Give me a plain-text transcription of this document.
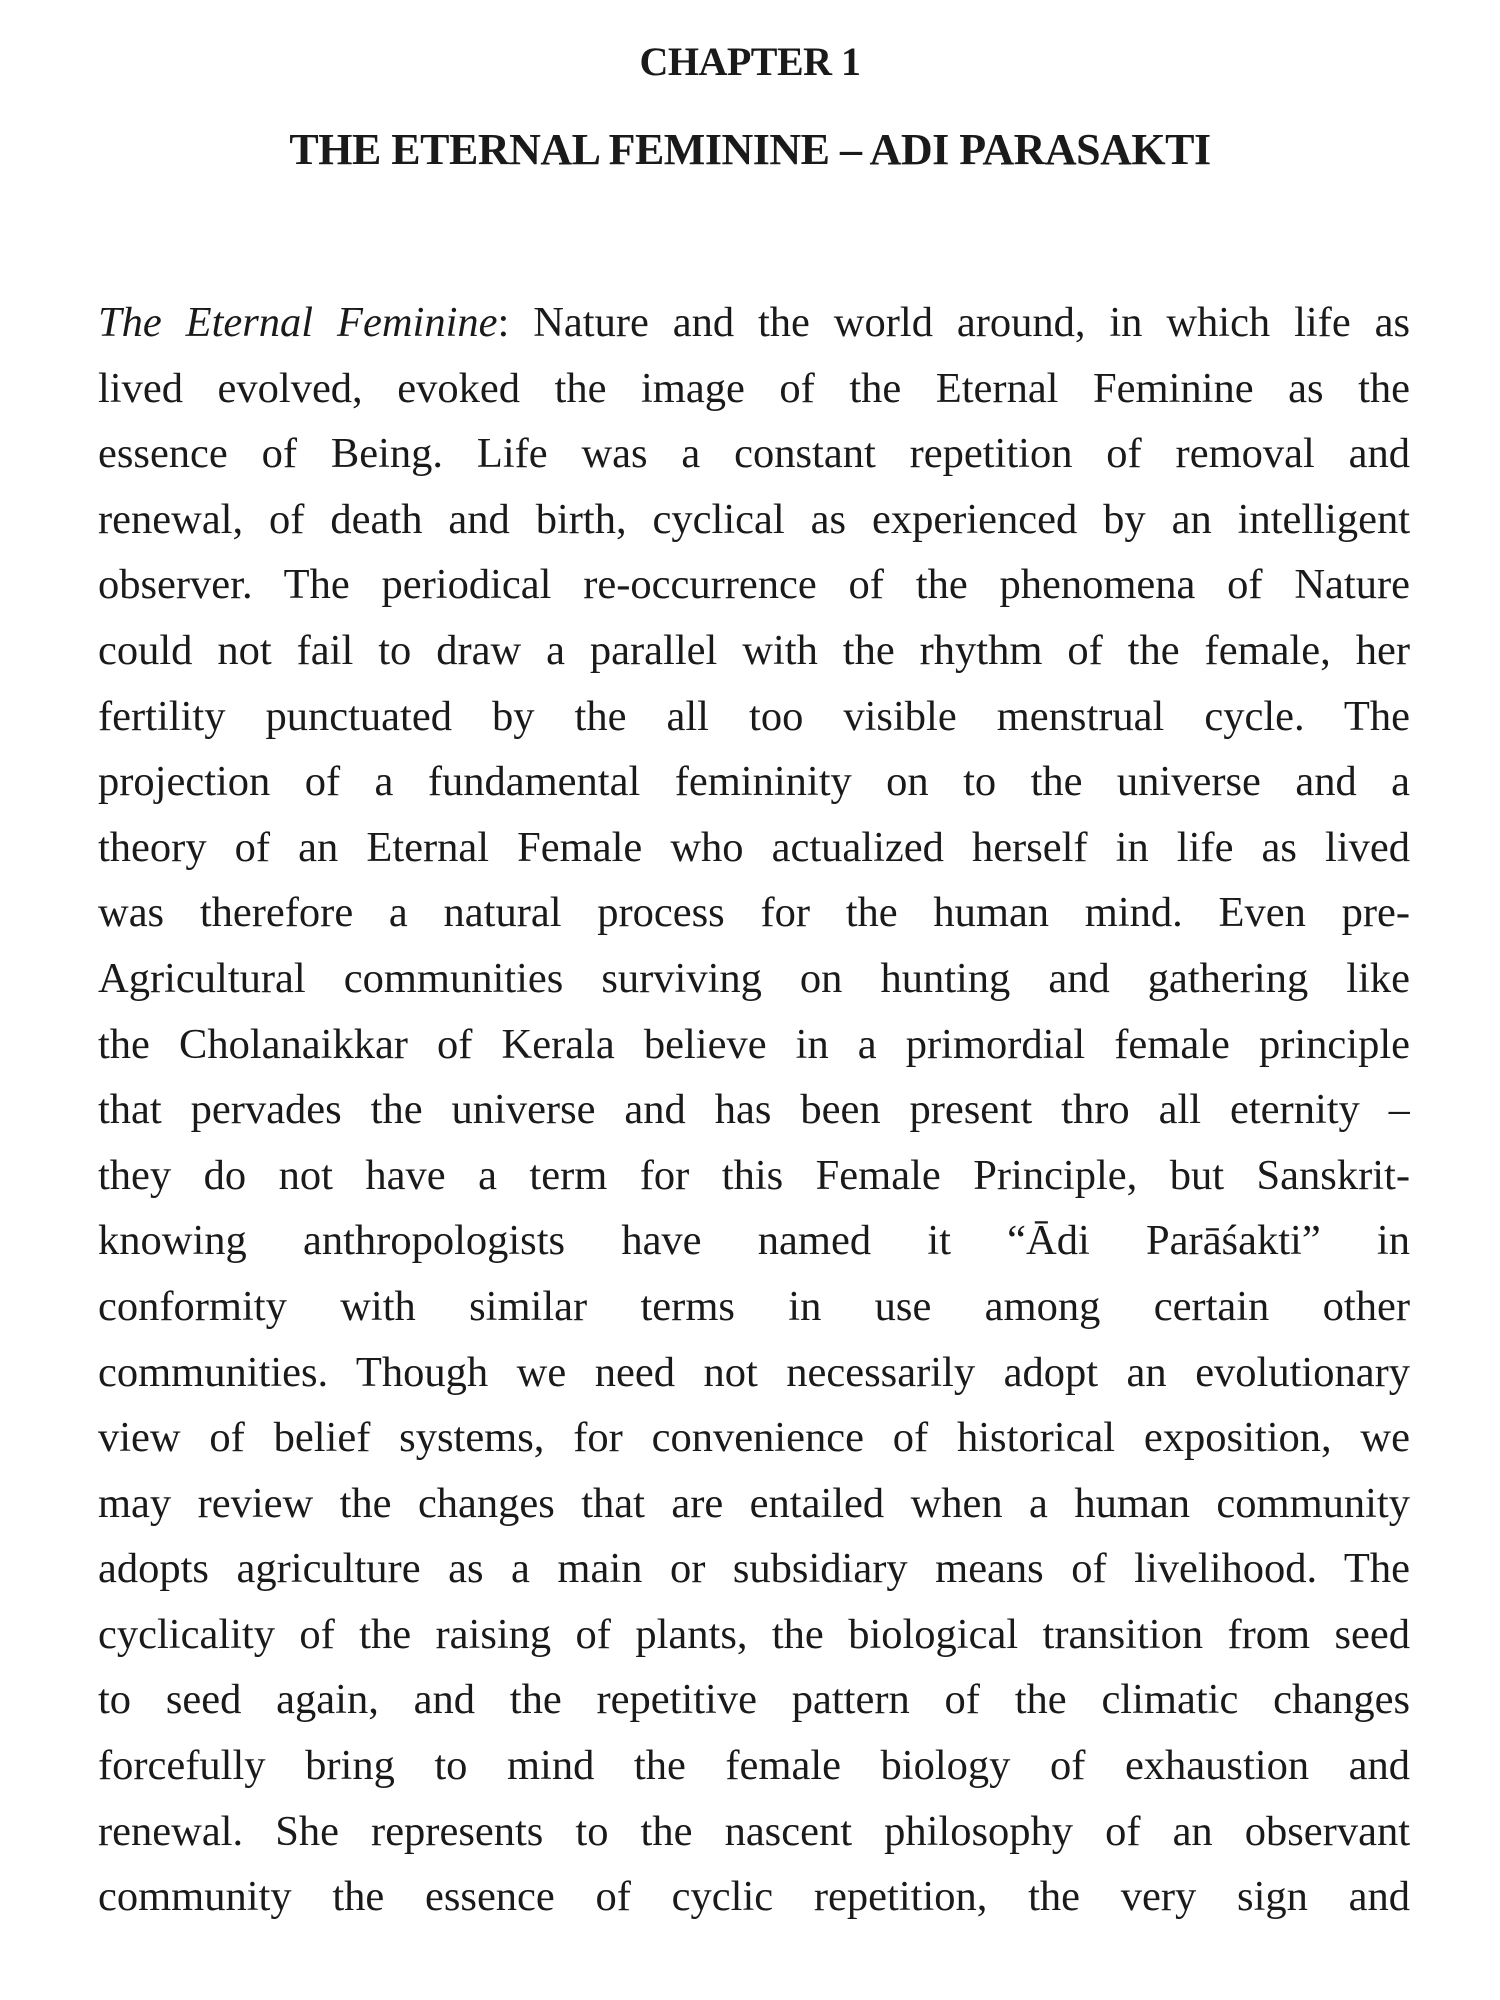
CHAPTER 1
THE ETERNAL FEMININE – ADI PARASAKTI
The Eternal Feminine: Nature and the world around, in which life as
lived evolved, evoked the image of the Eternal Feminine as the
essence of Being. Life was a constant repetition of removal and
renewal, of death and birth, cyclical as experienced by an intelligent
observer. The periodical re-occurrence of the phenomena of Nature
could not fail to draw a parallel with the rhythm of the female, her
fertility punctuated by the all too visible menstrual cycle. The
projection of a fundamental femininity on to the universe and a
theory of an Eternal Female who actualized herself in life as lived
was therefore a natural process for the human mind. Even pre-
Agricultural communities surviving on hunting and gathering like
the Cholanaikkar of Kerala believe in a primordial female principle
that pervades the universe and has been present thro all eternity –
they do not have a term for this Female Principle, but Sanskrit-
knowing anthropologists have named it “Ādi Parāśakti” in
conformity with similar terms in use among certain other
communities. Though we need not necessarily adopt an evolutionary
view of belief systems, for convenience of historical exposition, we
may review the changes that are entailed when a human community
adopts agriculture as a main or subsidiary means of livelihood. The
cyclicality of the raising of plants, the biological transition from seed
to seed again, and the repetitive pattern of the climatic changes
forcefully bring to mind the female biology of exhaustion and
renewal. She represents to the nascent philosophy of an observant
community the essence of cyclic repetition, the very sign and
